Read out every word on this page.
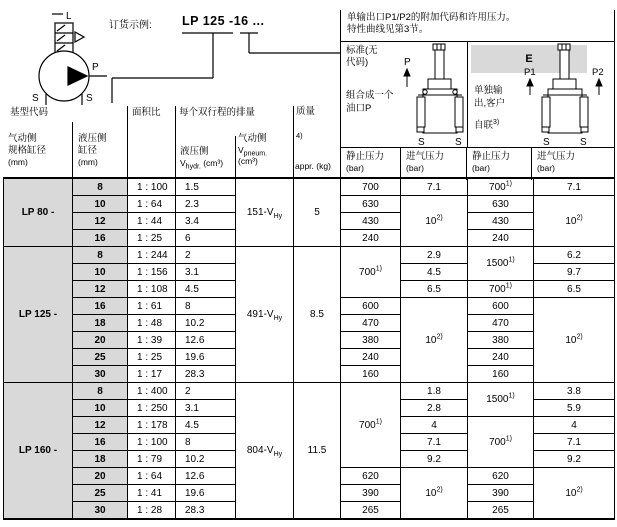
L
P
S	S
订货示例: LP 125 -16 ...	单输出口P1/P2的附加代码和许用压力。
特性曲线见第3节。
标准(无
代码)
组合成一个
油口P
P
S	S
E
单独输
出,客户
自联$^{3)}$
P1	P2
S	S
静止压力
(bar)
进气压力
(bar)
静止压力
(bar)
进气压力
(bar)
基型代码	面积比 每个双行程的排量	质量
4)
appr. (kg)
气动侧
规格缸径
(mm)
液压侧
缸径
(mm)
液压侧
$V_{hydr.}$ (cm³)
气动侧
$V_{pneum.}$
(cm³)
LP 80 -	8	1 : 100	1.5	$151-V_{Hy}$	5	700	7.1	700$^{1)}$	7.1
	10	1 : 64	2.3			630	10$^{2)}$	630	10$^{2)}$
	12	1 : 44	3.4			430		430	
	16	1 : 25	6			240		240	
LP 125 -	8	1 : 244	2	$491-V_{Hy}$	8.5	700$^{1)}$	2.9	1500$^{1)}$	6.2
	10	1 : 156	3.1				4.5		9.7
	12	1 : 108	4.5				6.5	700$^{1)}$	6.5
	16	1 : 61	8			600	10$^{2)}$	600	10$^{2)}$
	18	1 : 48	10.2			470		470	
	20	1 : 39	12.6			380		380	
	25	1 : 25	19.6			240		240	
	30	1 : 17	28.3			160		160	
LP 160 -	8	1 : 400	2	$804-V_{Hy}$	11.5	700$^{1)}$	1.8	1500$^{1)}$	3.8
	10	1 : 250	3.1				2.8		5.9
	12	1 : 178	4.5				4	700$^{1)}$	4
	16	1 : 100	8				7.1		7.1
	18	1 : 79	10.2				9.2		9.2
	20	1 : 64	12.6			620	10$^{2)}$	620	10$^{2)}$
	25	1 : 41	19.6			390		390	
	30	1 : 28	28.3			265		265	
